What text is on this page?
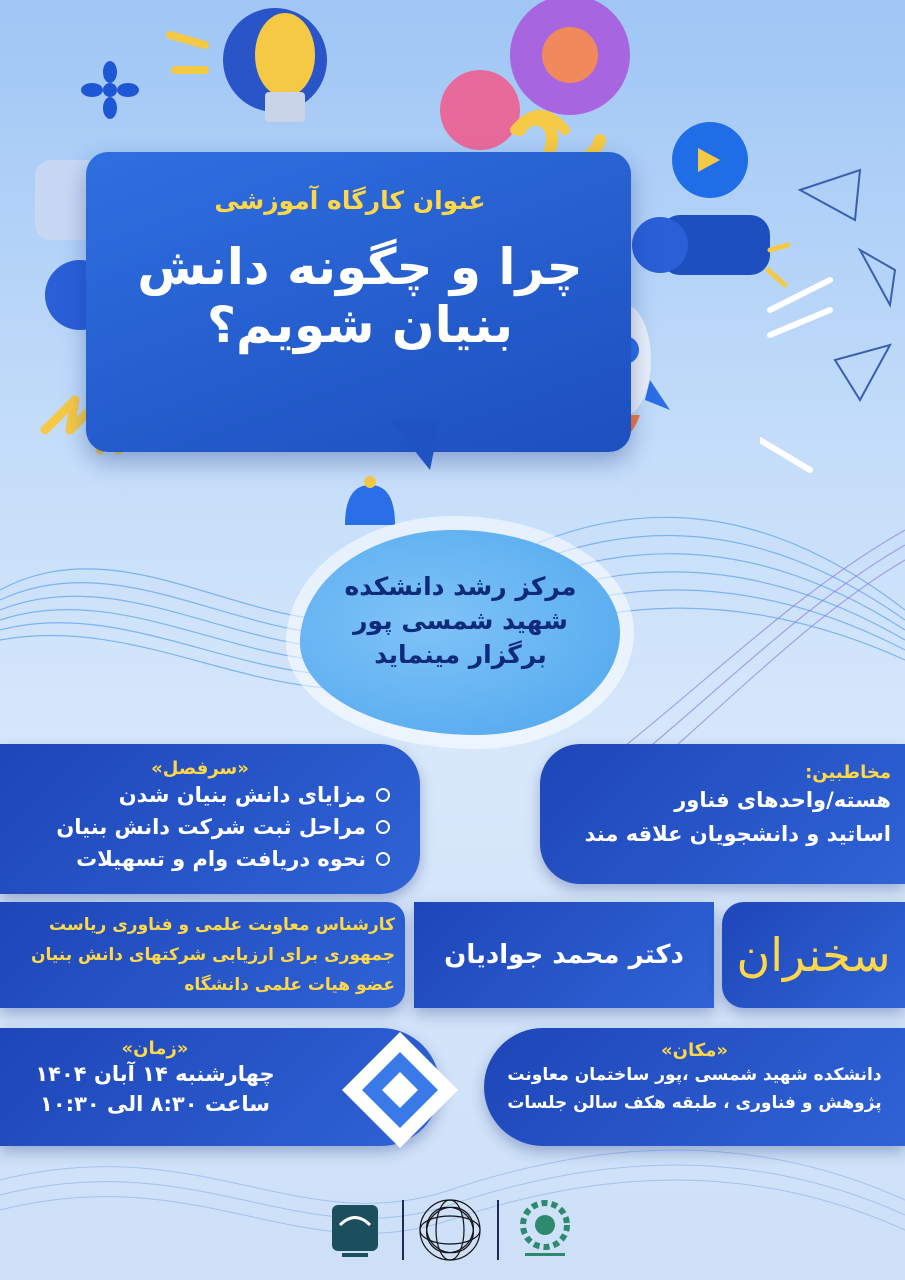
عنوان کارگاه آموزشی
چرا و چگونه دانش
بنیان شویم؟
مرکز رشد دانشکده
شهید شمسی پور
برگزار مینماید
«سرفصل»
مزایای دانش بنیان شدن
مراحل ثبت شرکت دانش بنیان
نحوه دریافت وام و تسهیلات
مخاطبین:
هسته/واحدهای فناور
اساتید و دانشجویان علاقه مند
کارشناس معاونت علمی و فناوری ریاست
جمهوری برای ارزیابی شرکتهای دانش بنیان
عضو هیات علمی دانشگاه
دکتر محمد جوادیان	سخنران
«زمان»
چهارشنبه ۱۴ آبان ۱۴۰۴
ساعت ۸:۳۰ الی ۱۰:۳۰
«مکان»
دانشکده شهید شمسی ،پور ساختمان معاونت
پژوهش و فناوری ، طبقه هکف سالن جلسات
